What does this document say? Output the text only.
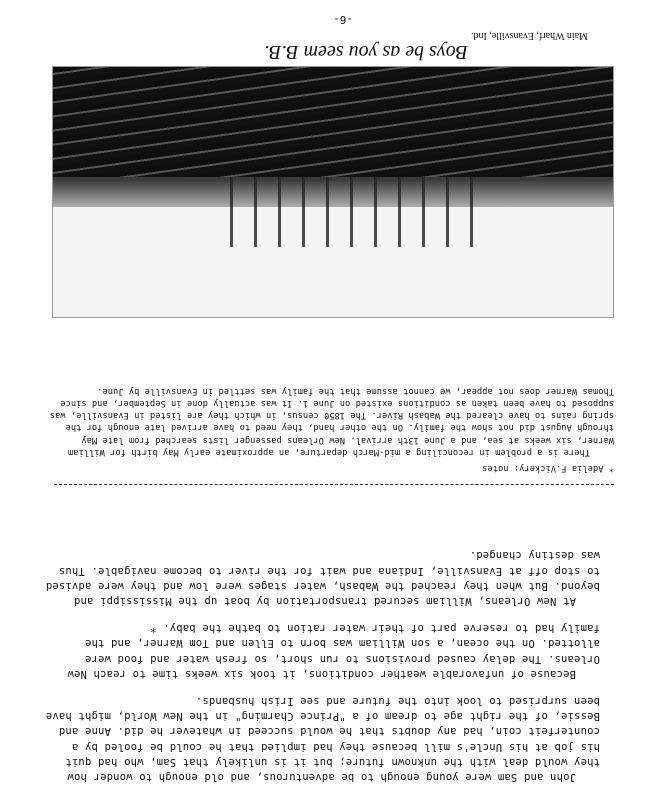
John and Sam were young enough to be adventurous, and old enough to wonder how they would deal with the unknown future; but it is unlikely that Sam, who had quit his job at his Uncle's mill because they had implied that he could be fooled by a counterfeit coin, had any doubts that he would succeed in whatever he did. Anne and Bessie, of the right age to dream of a "Prince Charming" in the New World, might have been surprised to look into the future and see Irish husbands.

Because of unfavorable weather conditions, it took six weeks time to reach New Orleans. The delay caused provisions to run short, so fresh water and food were allotted. On the ocean, a son William was born to Ellen and Tom Warner, and the family had to reserve part of their water ration to bathe the baby. *

At New Orleans, William secured transportation by boat up the Mississippi and beyond. But when they reached the Wabash, water stages were low and they were advised to stop off at Evansville, Indiana and wait for the river to become navigable. Thus was destiny changed.

* Adelia F.Vickery: notes

There is a problem in reconciling a mid-March departure, an approximate early May birth for William Warner, six weeks at sea, and a June 13th arrival. New Orleans passenger lists searched from late May through August did not show the family. On the other hand, they need to have arrived late enough for the spring rains to have cleared the Wabash River. The 1850 census, in which they are listed in Evansville, was supposed to have been taken as conditions existed on June 1. It was actually done in September, and since Thomas Warner does not appear, we cannot assume that the family was settled in Evansville by June.

Boys be as you seem B.B.
Main Wharf, Evansville, Ind.
-6-
